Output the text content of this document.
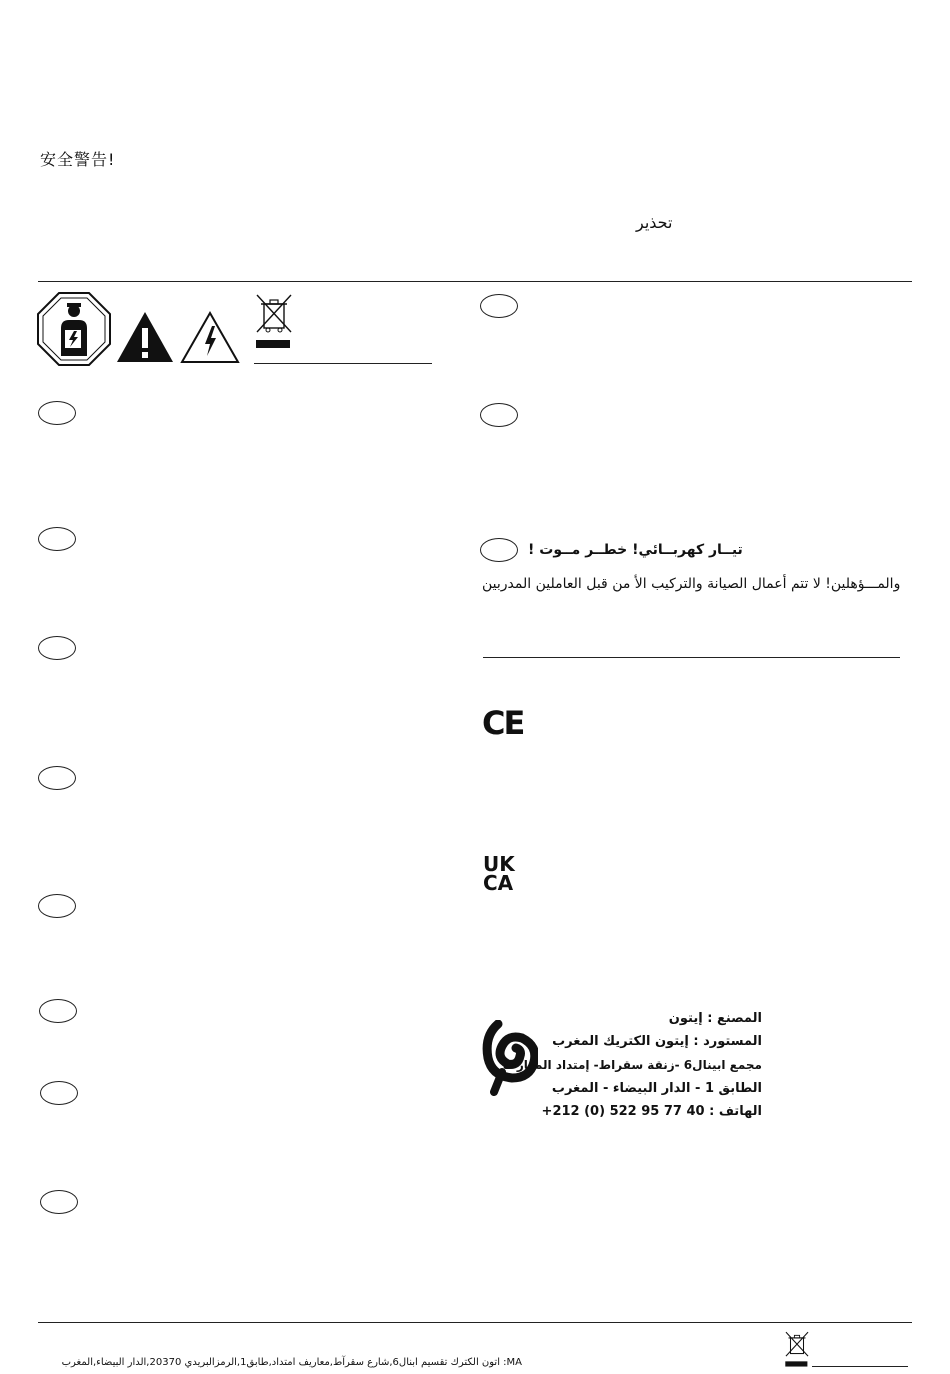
安全警告!
تحذير
تيــار كهربــائي! خطــر مــوت !
والمـــؤهلين! لا تتم أعمال الصيانة والتركيب الأ من قبل العاملين المدربين
CE
UK
CA
المصنع : إيتون
المستورد : إيتون الكتريك المغرب
مجمع ابينال6 -زنقة سقراط- إمتداد المعارف
الطابق 1 - الدار البيضاء - المغرب
الهاتف : 40 77 95 522 (0) 212+
MA: اتون الكترك تقسيم ابنال6,شارع سقرآط,معاريف امتداد,طابق1,الرمزالبريدي 20370,الدار البيضاء,المغرب
